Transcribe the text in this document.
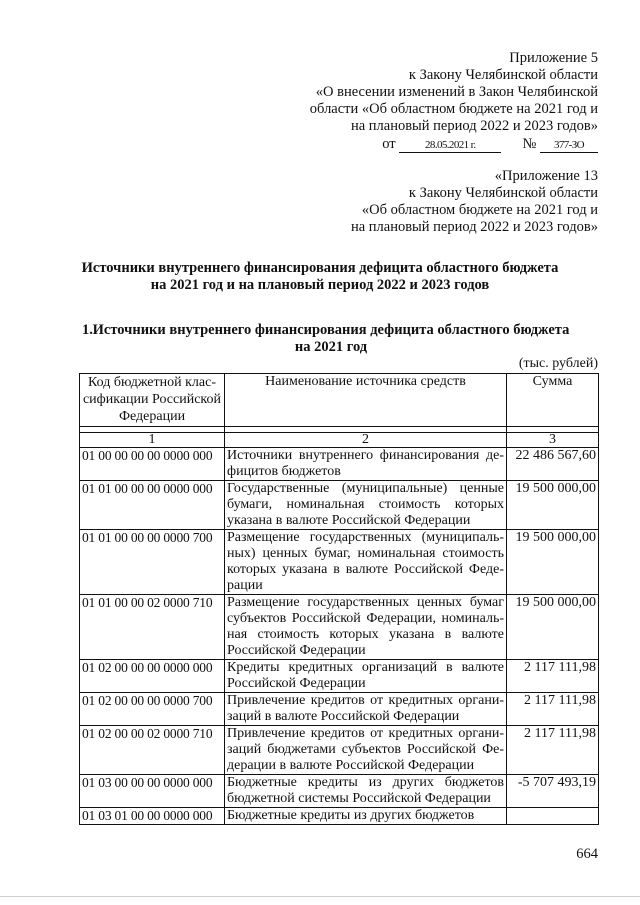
Приложение 5
к Закону Челябинской области
«О внесении изменений в Закон Челябинской
области «Об областном бюджете на 2021 год и
на плановый период 2022 и 2023 годов»
от	28.05.2021 г.	№ 377-ЗО
«Приложение 13
к Закону Челябинской области
«Об областном бюджете на 2021 год и
на плановый период 2022 и 2023 годов»
Источники внутреннего финансирования дефицита областного бюджета
на 2021 год и на плановый период 2022 и 2023 годов
1. Источники внутреннего финансирования дефицита областного бюджета
на 2021 год
(тыс. рублей)
Код бюджетной клас-сификации Российской Федерации	Наименование источника средств	Сумма

1	2	3
01 00 00 00 00 0000 000	Источники внутреннего финансирования де-фицитов бюджетов	22 486 567,60
01 01 00 00 00 0000 000	Государственные (муниципальные) ценные бумаги, номинальная стоимость которых указана в валюте Российской Федерации	19 500 000,00
01 01 00 00 00 0000 700	Размещение государственных (муниципаль-ных) ценных бумаг, номинальная стоимость которых указана в валюте Российской Феде-рации	19 500 000,00
01 01 00 00 02 0000 710	Размещение государственных ценных бумаг субъектов Российской Федерации, номиналь-ная стоимость которых указана в валюте Российской Федерации	19 500 000,00
01 02 00 00 00 0000 000	Кредиты кредитных организаций в валюте Российской Федерации	2 117 111,98
01 02 00 00 00 0000 700	Привлечение кредитов от кредитных органи-заций в валюте Российской Федерации	2 117 111,98
01 02 00 00 02 0000 710	Привлечение кредитов от кредитных органи-заций бюджетами субъектов Российской Фе-дерации в валюте Российской Федерации	2 117 111,98
01 03 00 00 00 0000 000	Бюджетные кредиты из других бюджетов бюджетной системы Российской Федерации	-5 707 493,19
01 03 01 00 00 0000 000	Бюджетные кредиты из других бюджетов	
664
